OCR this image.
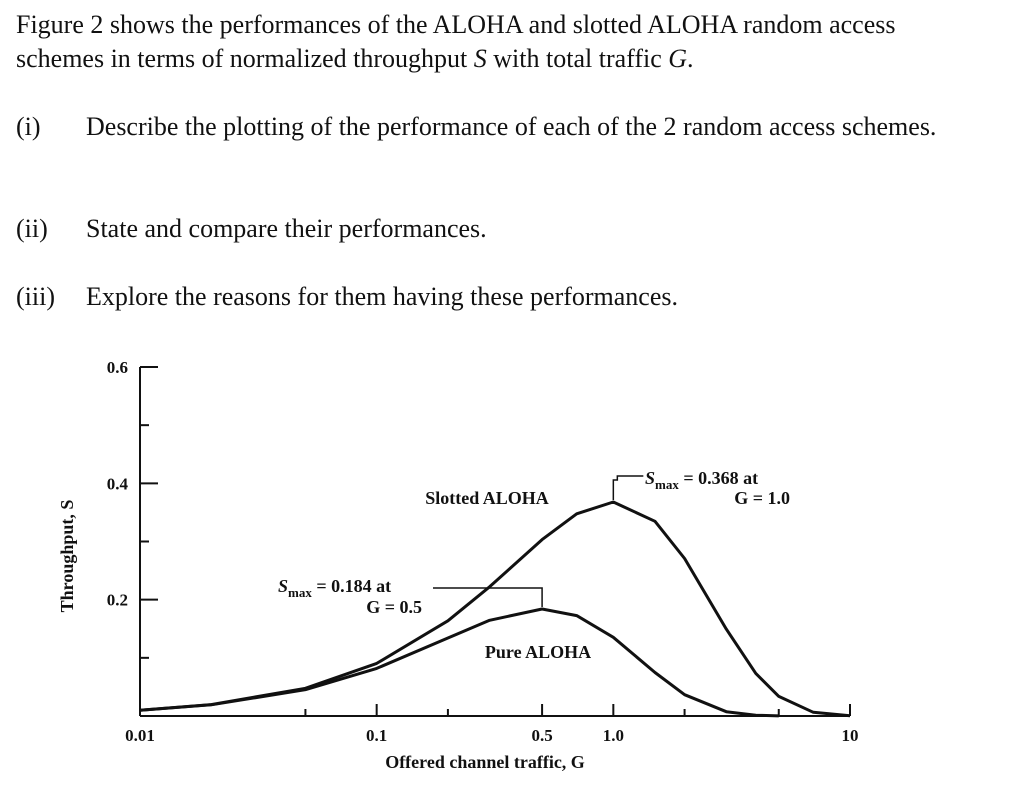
Figure 2 shows the performances of the ALOHA and slotted ALOHA random access schemes in terms of normalized throughput S with total traffic G.
(i) Describe the plotting of the performance of each of the 2 random access schemes.
(ii) State and compare their performances.
(iii) Explore the reasons for them having these performances.
0.6
0.4
0.2
0.01	0.1	0.5	1.0	10
Offered channel traffic, G
Throughput, S
Slotted ALOHA
Pure ALOHA
$S_{max} = 0.368$ at
G = 1.0
$S_{max} = 0.184$ at
G = 0.5
